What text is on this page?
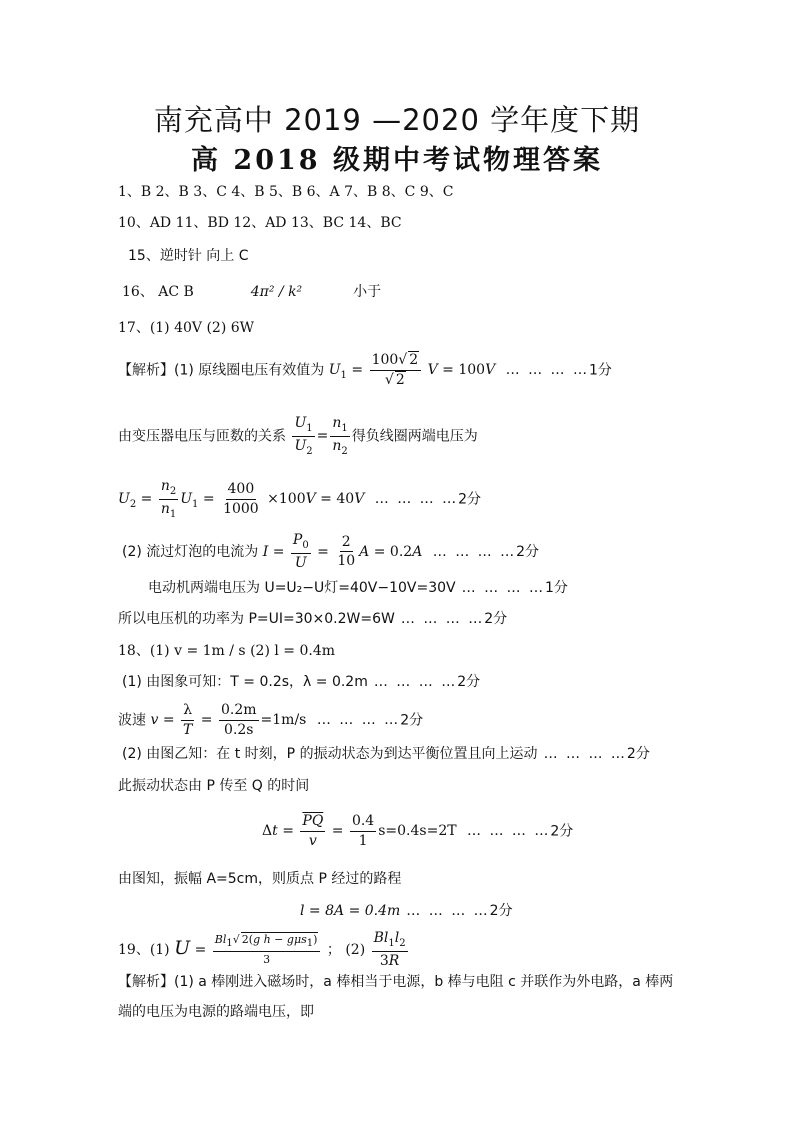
南充高中 2019 —2020 学年度下期
高 2018 级期中考试物理答案
1、B 2、B 3、C 4、B 5、B 6、A 7、B 8、C 9、C
10、AD 11、BD 12、AD 13、BC 14、BC
15、逆时针 向上 C
16、 AC B	4π² / k²	小于
17、(1) 40V (2) 6W
【解析】(1) 原线圈电压有效值为 $U_1 = \frac{100√ 2}{√ 2}$ V = 100V … … … …1分
由变压器电压与匝数的关系 $\frac{U_1}{U_2} = \frac{n_1}{n_2}$ 得负线圈两端电压为
$U_2 = \frac{n_2}{n_1} U_1 = \frac{400}{1000} \times 100V = 40V$ … … … …2分
(2) 流过灯泡的电流为 $I = \frac{P_0}{U} = \frac{2}{10}$ A = 0.2A … … … …2分
电动机两端电压为 U=U₂−U灯=40V−10V=30V … … … …1分
所以电压机的功率为 P=UI=30×0.2W=6W … … … …2分
18、(1) v = 1m / s (2) l = 0.4m
(1) 由图象可知：T = 0.2s，λ = 0.2m … … … …2分
波速 $v = \frac{\lambda}{T} = \frac{0.2m}{0.2s} =1m/s$ … … … …2分
(2) 由图乙知：在 t 时刻，P 的振动状态为到达平衡位置且向上运动 … … … …2分
此振动状态由 P 传至 Q 的时间
$\Delta t = \frac{\overline{PQ}}{v} = \frac{0.4}{1} s=0.4s=2T$ … … … …2分
由图知，振幅 A=5cm，则质点 P 经过的路程
l = 8A = 0.4m … … … …2分
19、(1) $U = \frac{Bl_1√ 2(g h - g\mu s_1)}{3}$ ； $(2) \frac{Bl_1l_2}{3R}$
【解析】(1) a 棒刚进入磁场时，a 棒相当于电源，b 棒与电阻 c 并联作为外电路，a 棒两
端的电压为电源的路端电压，即
